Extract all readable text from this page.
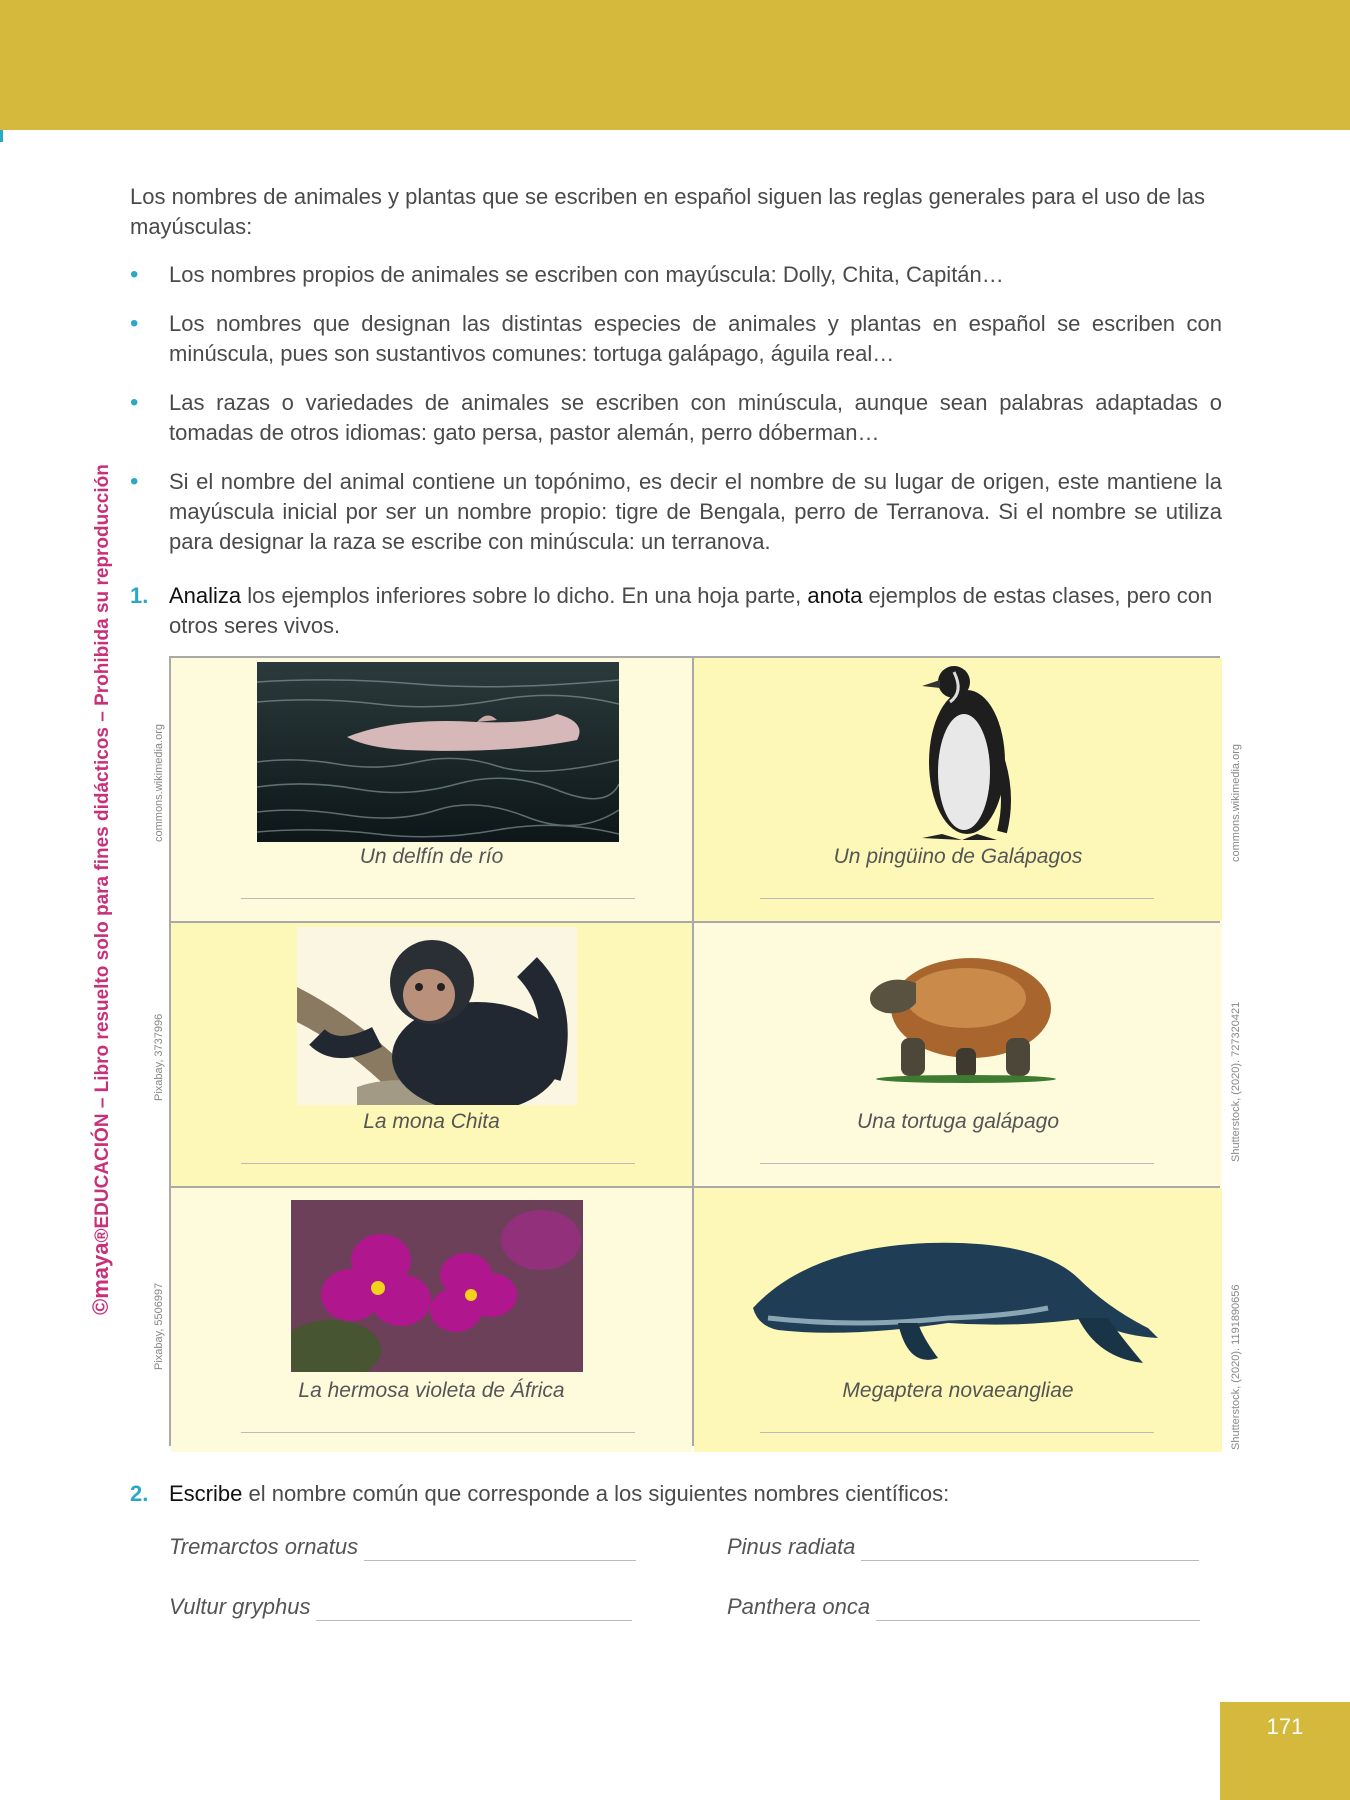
©maya®EDUCACIÓN – Libro resuelto solo para fines didácticos – Prohibida su reproducción

Los nombres de animales y plantas que se escriben en español siguen las reglas generales para el uso de las mayúsculas:

• Los nombres propios de animales se escriben con mayúscula: Dolly, Chita, Capitán…
• Los nombres que designan las distintas especies de animales y plantas en español se escriben con minúscula, pues son sustantivos comunes: tortuga galápago, águila real…
• Las razas o variedades de animales se escriben con minúscula, aunque sean palabras adaptadas o tomadas de otros idiomas: gato persa, pastor alemán, perro dóberman…
• Si el nombre del animal contiene un topónimo, es decir el nombre de su lugar de origen, este mantiene la mayúscula inicial por ser un nombre propio: tigre de Bengala, perro de Terranova. Si el nombre se utiliza para designar la raza se escribe con minúscula: un terranova.
1. Analiza los ejemplos inferiores sobre lo dicho. En una hoja parte, anota ejemplos de estas clases, pero con otros seres vivos.
Un delfín de río	Un pingüino de Galápagos
La mona Chita	Una tortuga galápago
La hermosa violeta de África	Megaptera novaeangliae
commons.wikimedia.org
Pixabay, 3737996
Pixabay, 5506997
commons.wikimedia.org
Shutterstock, (2020). 727320421
Shutterstock, (2020). 1191890656
2. Escribe el nombre común que corresponde a los siguientes nombres científicos:
Tremarctos ornatus	Pinus radiata
Vultur gryphus	Panthera onca
171
